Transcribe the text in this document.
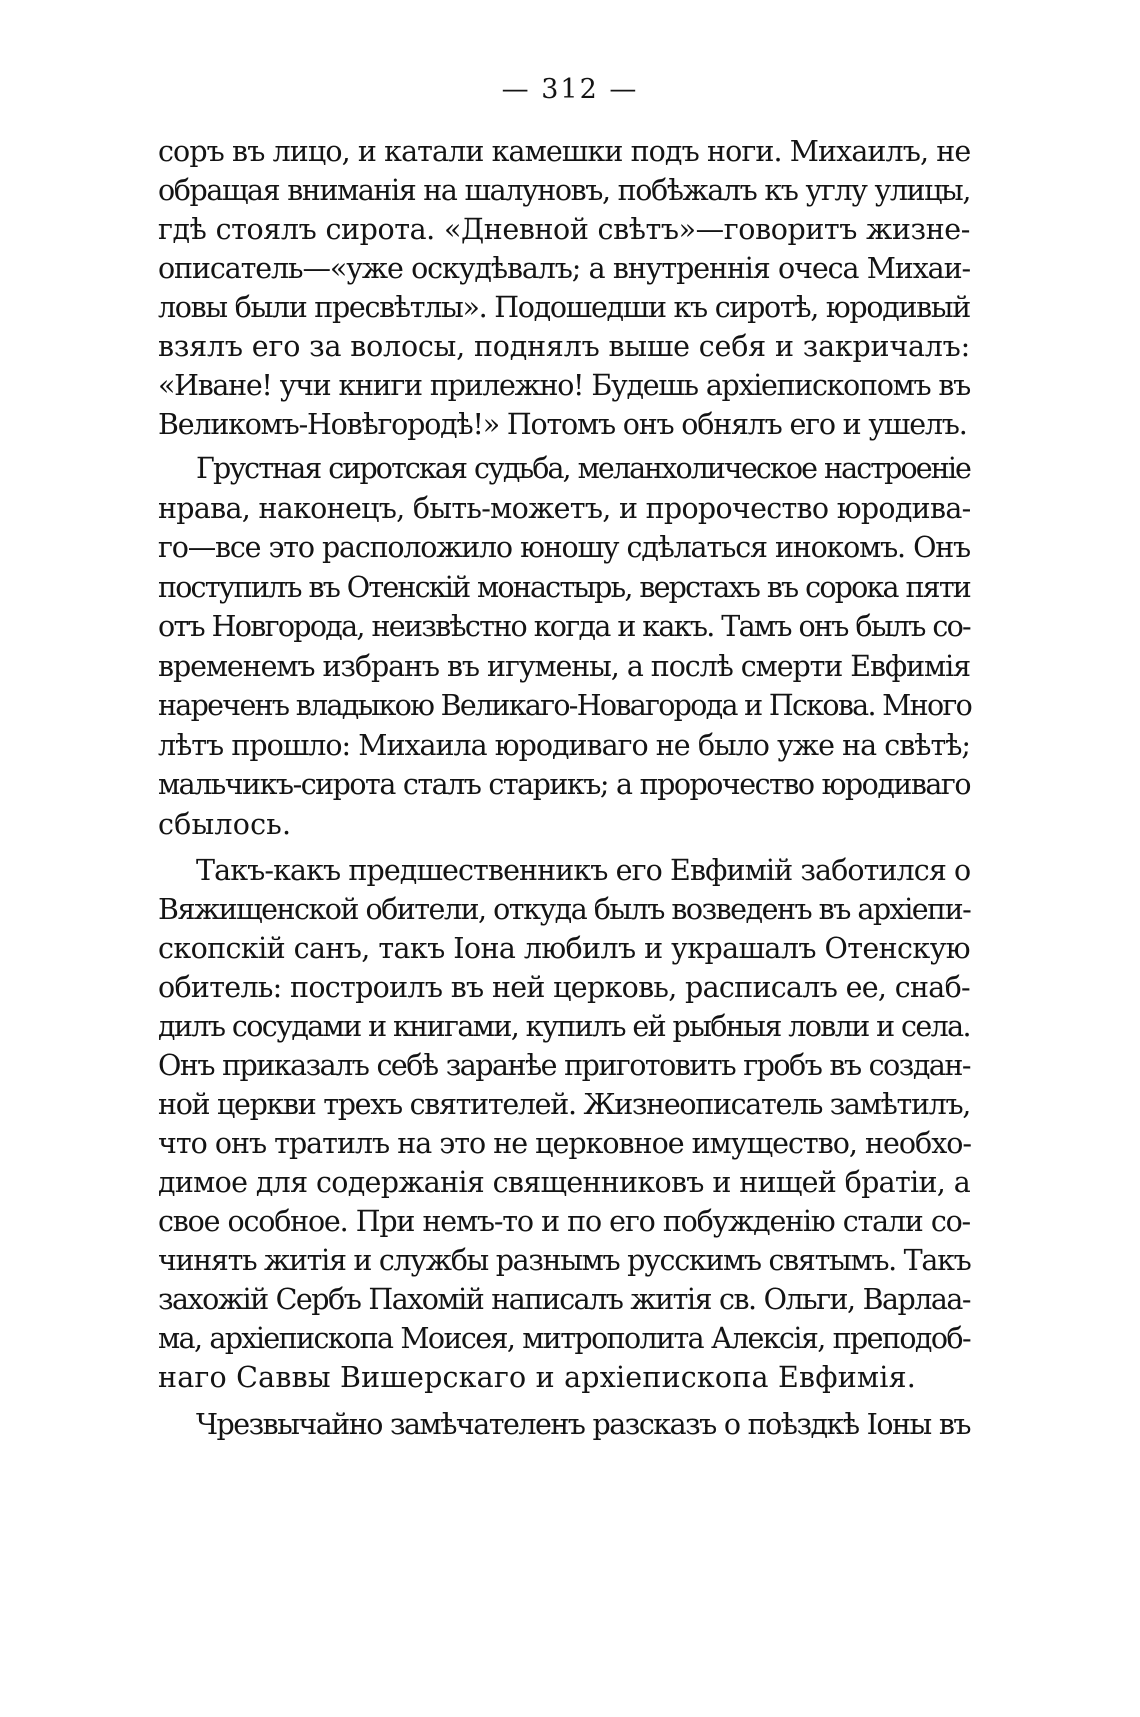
— 312 —
соръ въ лицо, и катали камешки подъ ноги. Михаилъ, не
обращая вниманія на шалуновъ, побѣжалъ къ углу улицы,
гдѣ стоялъ сирота. «Дневной свѣтъ»—говоритъ жизне-
описатель—«уже оскудѣвалъ; а внутреннія очеса Михаи-
ловы были пресвѣтлы». Подошедши къ сиротѣ, юродивый
взялъ его за волосы, поднялъ выше себя и закричалъ:
«Иване! учи книги прилежно! Будешь архіепископомъ въ
Великомъ-Новѣгородѣ!» Потомъ онъ обнялъ его и ушелъ.
Грустная сиротская судьба, меланхолическое настроеніе
нрава, наконецъ, быть-можетъ, и пророчество юродива-
го—все это расположило юношу сдѣлаться инокомъ. Онъ
поступилъ въ Отенскій монастырь, верстахъ въ сорока пяти
отъ Новгорода, неизвѣстно когда и какъ. Тамъ онъ былъ со-
временемъ избранъ въ игумены, а послѣ смерти Евфимія
нареченъ владыкою Великаго-Новагорода и Пскова. Много
лѣтъ прошло: Михаила юродиваго не было уже на свѣтѣ;
мальчикъ-сирота сталъ старикъ; а пророчество юродиваго
сбылось.
Такъ-какъ предшественникъ его Евфимій заботился о
Вяжищенской обители, откуда былъ возведенъ въ архіепи-
скопскій санъ, такъ Іона любилъ и украшалъ Отенскую
обитель: построилъ въ ней церковь, расписалъ ее, снаб-
дилъ сосудами и книгами, купилъ ей рыбныя ловли и села.
Онъ приказалъ себѣ заранѣе приготовить гробъ въ создан-
ной церкви трехъ святителей. Жизнеописатель замѣтилъ,
что онъ тратилъ на это не церковное имущество, необхо-
димое для содержанія священниковъ и нищей братіи, а
свое особное. При немъ-то и по его побужденію стали со-
чинять житія и службы разнымъ русскимъ святымъ. Такъ
захожій Сербъ Пахомій написалъ житія св. Ольги, Варлаа-
ма, архіепископа Моисея, митрополита Алексія, преподоб-
наго Саввы Вишерскаго и архіепископа Евфимія.
Чрезвычайно замѣчателенъ разсказъ о поѣздкѣ Іоны въ
